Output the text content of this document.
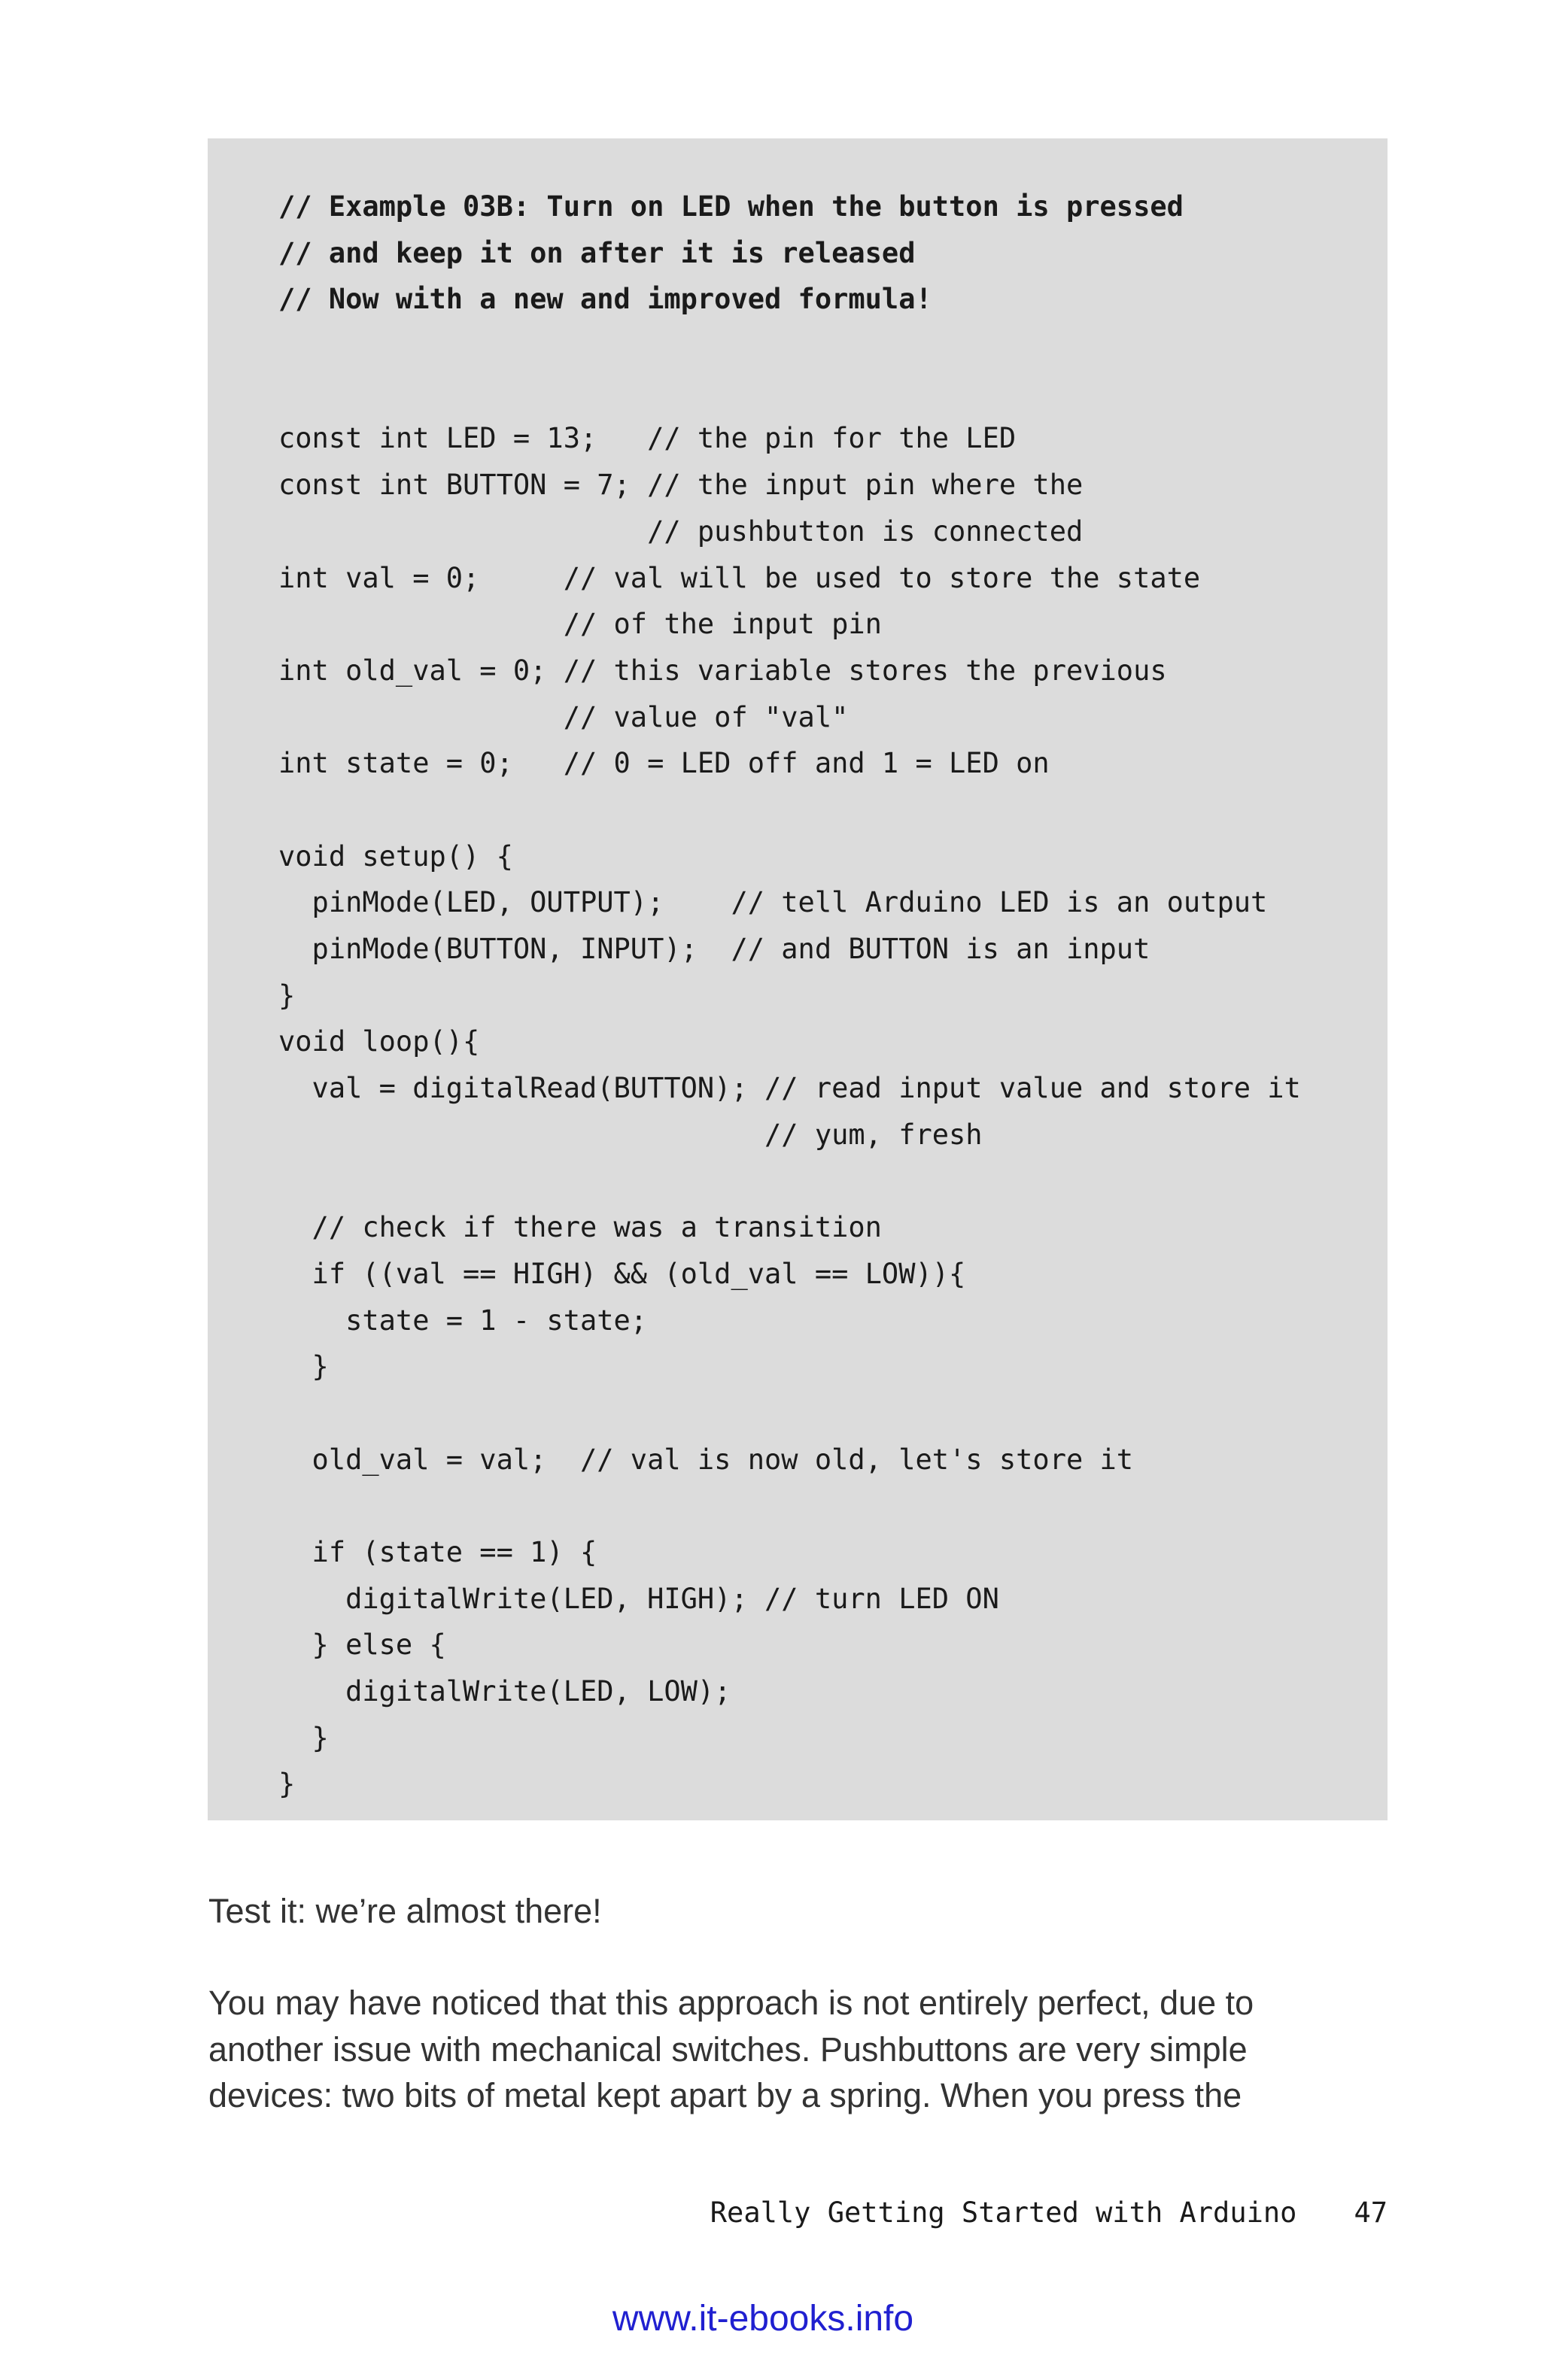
// Example 03B: Turn on LED when the button is pressed
// and keep it on after it is released
// Now with a new and improved formula!
const int LED = 13;   // the pin for the LED
const int BUTTON = 7; // the input pin where the
// pushbutton is connected
int val = 0;     // val will be used to store the state
// of the input pin
int old_val = 0; // this variable stores the previous
// value of "val"
int state = 0;   // 0 = LED off and 1 = LED on
void setup() {
pinMode(LED, OUTPUT);    // tell Arduino LED is an output
pinMode(BUTTON, INPUT);  // and BUTTON is an input
}
void loop(){
val = digitalRead(BUTTON); // read input value and store it
// yum, fresh
// check if there was a transition
if ((val == HIGH) && (old_val == LOW)){
state = 1 - state;
}
old_val = val;  // val is now old, let's store it
if (state == 1) {
digitalWrite(LED, HIGH); // turn LED ON
} else {
digitalWrite(LED, LOW);
}
}
Test it: we’re almost there!
You may have noticed that this approach is not entirely perfect, due to
another issue with mechanical switches. Pushbuttons are very simple
devices: two bits of metal kept apart by a spring. When you press the
Really Getting Started with Arduino 47
www.it-ebooks.info
